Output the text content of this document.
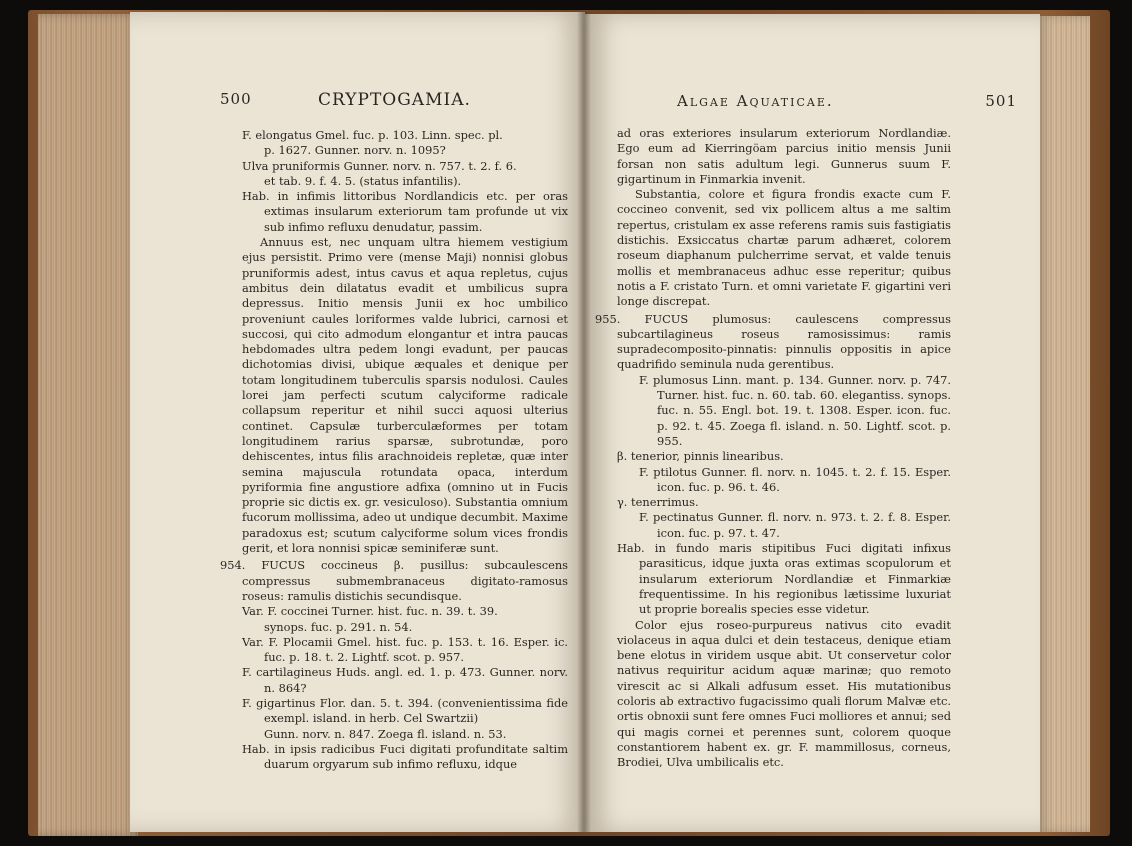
500	CRYPTOGAMIA.

F. elongatus Gmel. fuc. p. 103. Linn. spec. pl.

p. 1627. Gunner. norv. n. 1095?

Ulva pruniformis Gunner. norv. n. 757. t. 2. f. 6.

et tab. 9. f. 4. 5. (status infantilis).

Hab. in infimis littoribus Nordlandicis etc. per oras extimas insularum exteriorum tam profunde ut vix sub infimo refluxu denudatur, passim.

Annuus est, nec unquam ultra hiemem vestigium ejus persistit. Primo vere (mense Maji) nonnisi globus pruniformis adest, intus cavus et aqua repletus, cujus ambitus dein dilatatus evadit et umbilicus supra depressus. Initio mensis Junii ex hoc umbilico proveniunt caules loriformes valde lubrici, carnosi et succosi, qui cito admodum elongantur et intra paucas hebdomades ultra pedem longi evadunt, per paucas dichotomias divisi, ubique æquales et denique per totam longitudinem tuberculis sparsis nodulosi. Caules lorei jam perfecti scutum calyciforme radicale collapsum reperitur et nihil succi aquosi ulterius continet. Capsulæ turberculæformes per totam longitudinem rarius sparsæ, subrotundæ, poro dehiscentes, intus filis arachnoideis repletæ, quæ inter semina majuscula rotundata opaca, interdum pyriformia fine angustiore adfixa (omnino ut in Fucis proprie sic dictis ex. gr. vesiculoso). Substantia omnium fucorum mollissima, adeo ut undique decumbit. Maxime paradoxus est; scutum calyciforme solum vices frondis gerit, et lora nonnisi spicæ seminiferæ sunt.

954. FUCUS coccineus β. pusillus: subcaulescens compressus submembranaceus digitato-ramosus roseus: ramulis distichis secundisque.

Var. F. coccinei Turner. hist. fuc. n. 39. t. 39.

synops. fuc. p. 291. n. 54.

Var. F. Plocamii Gmel. hist. fuc. p. 153. t. 16. Esper. ic. fuc. p. 18. t. 2. Lightf. scot. p. 957.

F. cartilagineus Huds. angl. ed. 1. p. 473. Gunner. norv. n. 864?

F. gigartinus Flor. dan. 5. t. 394. (convenientissima fide exempl. island. in herb. Cel Swartzii)

Gunn. norv. n. 847. Zoega fl. island. n. 53.

Hab. in ipsis radicibus Fuci digitati profunditate saltim duarum orgyarum sub infimo refluxu, idque

Algae Aquaticae.	501

ad oras exteriores insularum exteriorum Nordlandiæ. Ego eum ad Kierringöam parcius initio mensis Junii forsan non satis adultum legi. Gunnerus suum F. gigartinum in Finmarkia invenit.

Substantia, colore et figura frondis exacte cum F. coccineo convenit, sed vix pollicem altus a me saltim repertus, cristulam ex asse referens ramis suis fastigiatis distichis. Exsiccatus chartæ parum adhæret, colorem roseum diaphanum pulcherrime servat, et valde tenuis mollis et membranaceus adhuc esse reperitur; quibus notis a F. cristato Turn. et omni varietate F. gigartini veri longe discrepat.

955. FUCUS plumosus: caulescens compressus subcartilagineus roseus ramosissimus: ramis supradecomposito-pinnatis: pinnulis oppositis in apice quadrifido seminula nuda gerentibus.

F. plumosus Linn. mant. p. 134. Gunner. norv. p. 747. Turner. hist. fuc. n. 60. tab. 60. elegantiss. synops. fuc. n. 55. Engl. bot. 19. t. 1308. Esper. icon. fuc. p. 92. t. 45. Zoega fl. island. n. 50. Lightf. scot. p. 955.

β. tenerior, pinnis linearibus.

F. ptilotus Gunner. fl. norv. n. 1045. t. 2. f. 15. Esper. icon. fuc. p. 96. t. 46.

γ. tenerrimus.

F. pectinatus Gunner. fl. norv. n. 973. t. 2. f. 8. Esper. icon. fuc. p. 97. t. 47.

Hab. in fundo maris stipitibus Fuci digitati infixus parasiticus, idque juxta oras extimas scopulorum et insularum exteriorum Nordlandiæ et Finmarkiæ frequentissime. In his regionibus lætissime luxuriat ut proprie borealis species esse videtur.

Color ejus roseo-purpureus nativus cito evadit violaceus in aqua dulci et dein testaceus, denique etiam bene elotus in viridem usque abit. Ut conservetur color nativus requiritur acidum aquæ marinæ; quo remoto virescit ac si Alkali adfusum esset. His mutationibus coloris ab extractivo fugacissimo quali florum Malvæ etc. ortis obnoxii sunt fere omnes Fuci molliores et annui; sed qui magis cornei et perennes sunt, colorem quoque constantiorem habent ex. gr. F. mammillosus, corneus, Brodiei, Ulva umbilicalis etc.
